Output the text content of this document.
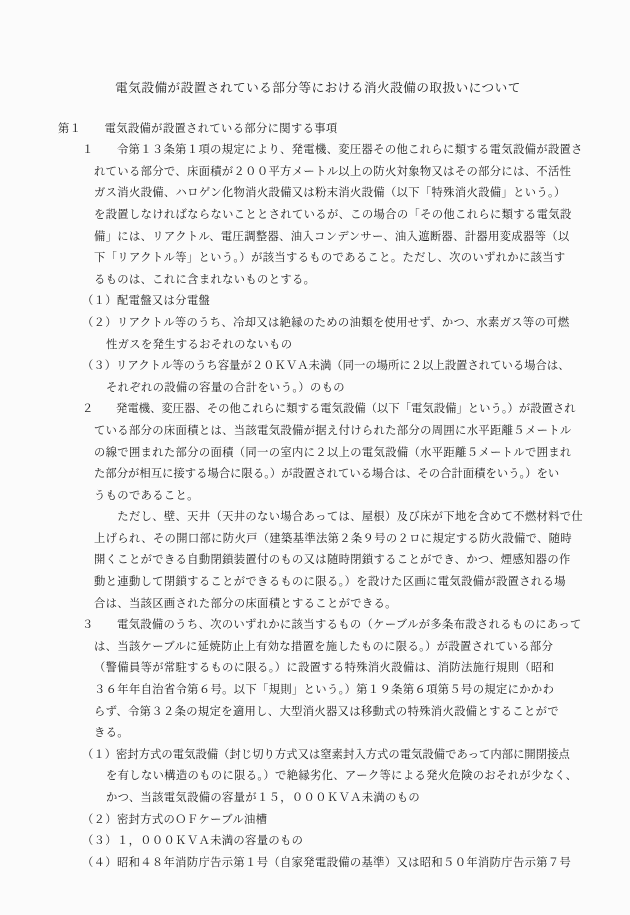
電気設備が設置されている部分等における消火設備の取扱いについて
第１　　電気設備が設置されている部分に関する事項
１　　令第１３条第１項の規定により、発電機、変圧器その他これらに類する電気設備が設置さ
れている部分で、床面積が２００平方メートル以上の防火対象物又はその部分には、不活性
ガス消火設備、ハロゲン化物消火設備又は粉末消火設備（以下「特殊消火設備」という。）
を設置しなければならないこととされているが、この場合の「その他これらに類する電気設
備」には、リアクトル、電圧調整器、油入コンデンサー、油入遮断器、計器用変成器等（以
下「リアクトル等」という。）が該当するものであること。ただし、次のいずれかに該当す
るものは、これに含まれないものとする。
（１）配電盤又は分電盤
（２）リアクトル等のうち、冷却又は絶縁のための油類を使用せず、かつ、水素ガス等の可燃
性ガスを発生するおそれのないもの
（３）リアクトル等のうち容量が２０ＫＶＡ未満（同一の場所に２以上設置されている場合は、
それぞれの設備の容量の合計をいう。）のもの
２　　発電機、変圧器、その他これらに類する電気設備（以下「電気設備」という。）が設置され
ている部分の床面積とは、当該電気設備が据え付けられた部分の周囲に水平距離５メートル
の線で囲まれた部分の面積（同一の室内に２以上の電気設備（水平距離５メートルで囲まれ
た部分が相互に接する場合に限る。）が設置されている場合は、その合計面積をいう。）をい
うものであること。
　　ただし、壁、天井（天井のない場合あっては、屋根）及び床が下地を含めて不燃材料で仕
上げられ、その開口部に防火戸（建築基準法第２条９号の２ロに規定する防火設備で、随時
開くことができる自動閉鎖装置付のもの又は随時閉鎖することができ、かつ、煙感知器の作
動と連動して閉鎖することができるものに限る。）を設けた区画に電気設備が設置される場
合は、当該区画された部分の床面積とすることができる。
３　　電気設備のうち、次のいずれかに該当するもの（ケーブルが多条布設されるものにあって
は、当該ケーブルに延焼防止上有効な措置を施したものに限る。）が設置されている部分
（警備員等が常駐するものに限る。）に設置する特殊消火設備は、消防法施行規則（昭和
３６年年自治省令第６号。以下「規則」という。）第１９条第６項第５号の規定にかかわ
らず、令第３２条の規定を適用し、大型消火器又は移動式の特殊消火設備とすることがで
きる。
（１）密封方式の電気設備（封じ切り方式又は窒素封入方式の電気設備であって内部に開閉接点
を有しない構造のものに限る。）で絶縁劣化、アーク等による発火危険のおそれが少なく、
かつ、当該電気設備の容量が１５，０００ＫＶＡ未満のもの
（２）密封方式のＯＦケーブル油槽
（３）１，０００ＫＶＡ未満の容量のもの
（４）昭和４８年消防庁告示第１号（自家発電設備の基準）又は昭和５０年消防庁告示第７号
